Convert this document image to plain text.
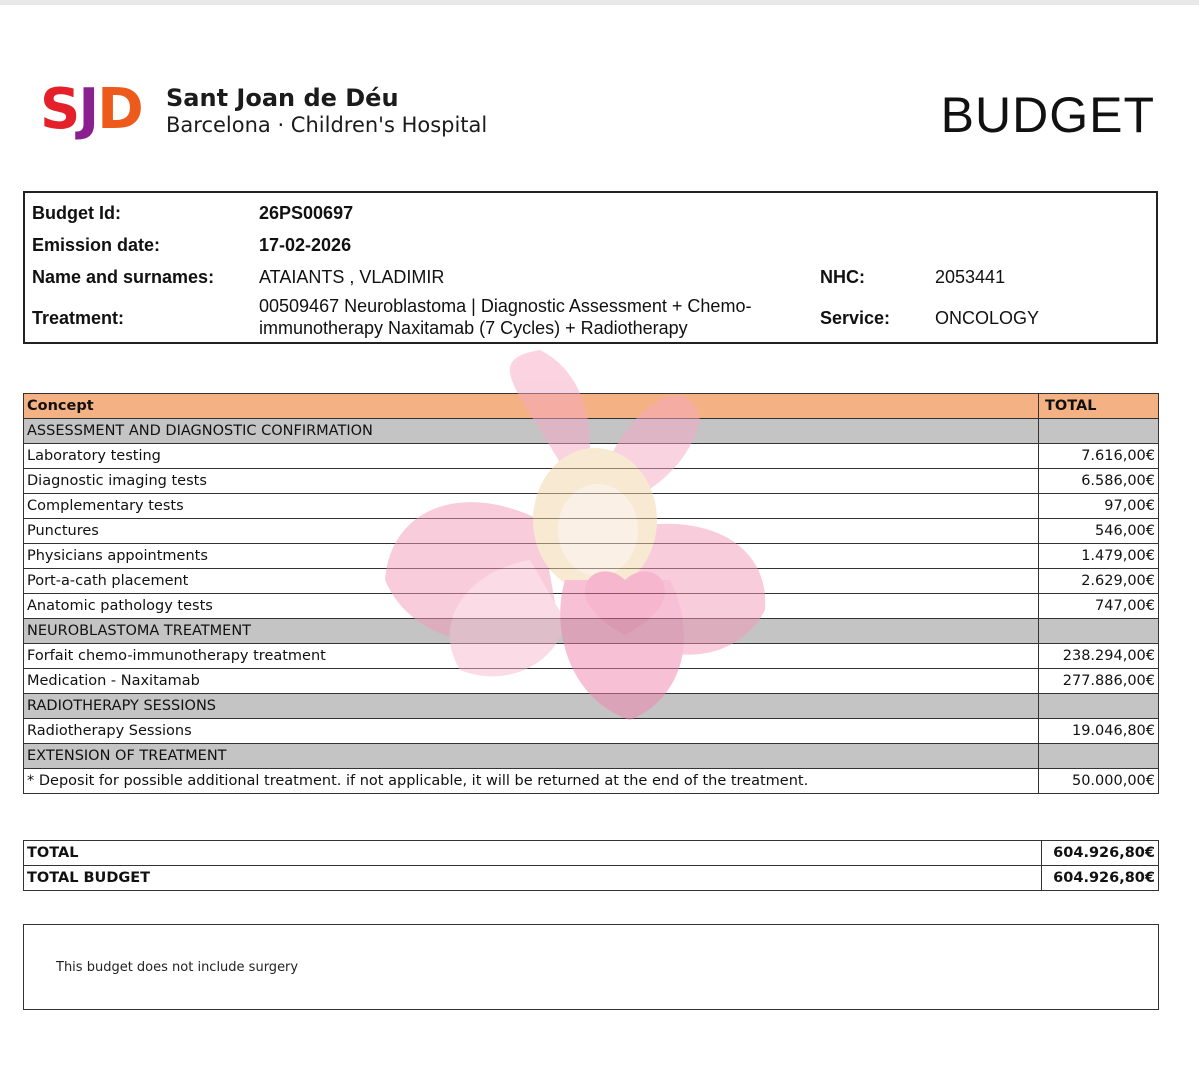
SJD Sant Joan de Déu
Barcelona · Children's Hospital	BUDGET
Budget Id:	26PS00697
Emission date:	17-02-2026
Name and surnames: ATAIANTS , VLADIMIR	NHC:	2053441
Treatment:
00509467 Neuroblastoma | Diagnostic Assessment + Chemo-immunotherapy Naxitamab (7 Cycles) + Radiotherapy	Service: ONCOLOGY
Concept	TOTAL
ASSESSMENT AND DIAGNOSTIC CONFIRMATION	
Laboratory testing	7.616,00€
Diagnostic imaging tests	6.586,00€
Complementary tests	97,00€
Punctures	546,00€
Physicians appointments	1.479,00€
Port-a-cath placement	2.629,00€
Anatomic pathology tests	747,00€
NEUROBLASTOMA TREATMENT	
Forfait chemo-immunotherapy treatment	238.294,00€
Medication - Naxitamab	277.886,00€
RADIOTHERAPY SESSIONS	
Radiotherapy Sessions	19.046,80€
EXTENSION OF TREATMENT	
* Deposit for possible additional treatment. if not applicable, it will be returned at the end of the treatment.	50.000,00€
TOTAL	604.926,80€
TOTAL BUDGET	604.926,80€
This budget does not include surgery
